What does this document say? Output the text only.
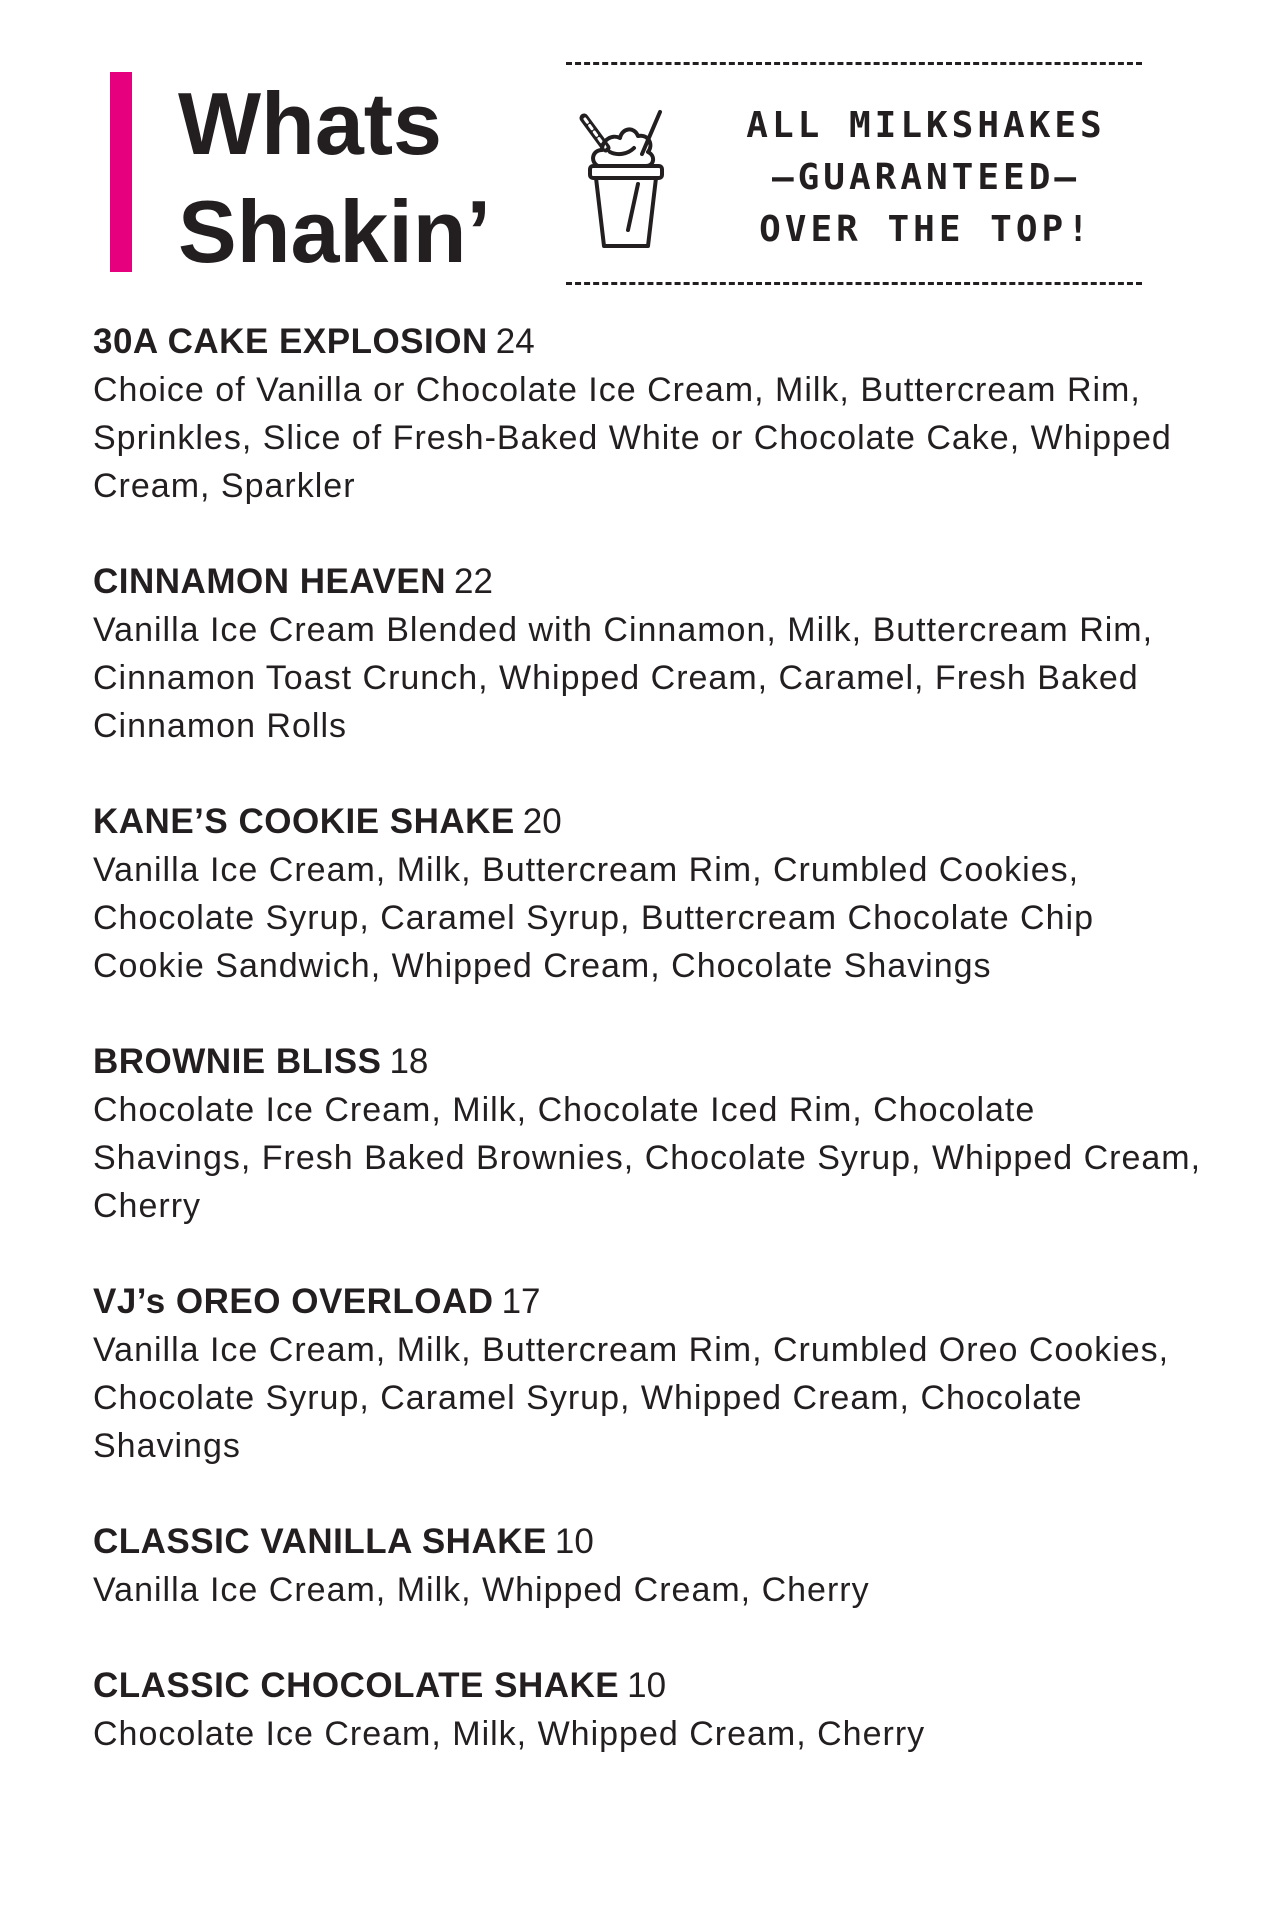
Whats
Shakin’
ALL MILKSHAKES
—GUARANTEED—
OVER THE TOP!
30A CAKE EXPLOSION 24
Choice of Vanilla or Chocolate Ice Cream, Milk, Buttercream Rim, Sprinkles, Slice of Fresh-Baked White or Chocolate Cake, Whipped Cream, Sparkler
CINNAMON HEAVEN 22
Vanilla Ice Cream Blended with Cinnamon, Milk, Buttercream Rim, Cinnamon Toast Crunch, Whipped Cream, Caramel, Fresh Baked Cinnamon Rolls
KANE’S COOKIE SHAKE 20
Vanilla Ice Cream, Milk, Buttercream Rim, Crumbled Cookies, Chocolate Syrup, Caramel Syrup, Buttercream Chocolate Chip Cookie Sandwich, Whipped Cream, Chocolate Shavings
BROWNIE BLISS 18
Chocolate Ice Cream, Milk, Chocolate Iced Rim, Chocolate Shavings, Fresh Baked Brownies, Chocolate Syrup, Whipped Cream, Cherry
VJ’s OREO OVERLOAD 17
Vanilla Ice Cream, Milk, Buttercream Rim, Crumbled Oreo Cookies, Chocolate Syrup, Caramel Syrup, Whipped Cream, Chocolate Shavings
CLASSIC VANILLA SHAKE 10
Vanilla Ice Cream, Milk, Whipped Cream, Cherry
CLASSIC CHOCOLATE SHAKE 10
Chocolate Ice Cream, Milk, Whipped Cream, Cherry
